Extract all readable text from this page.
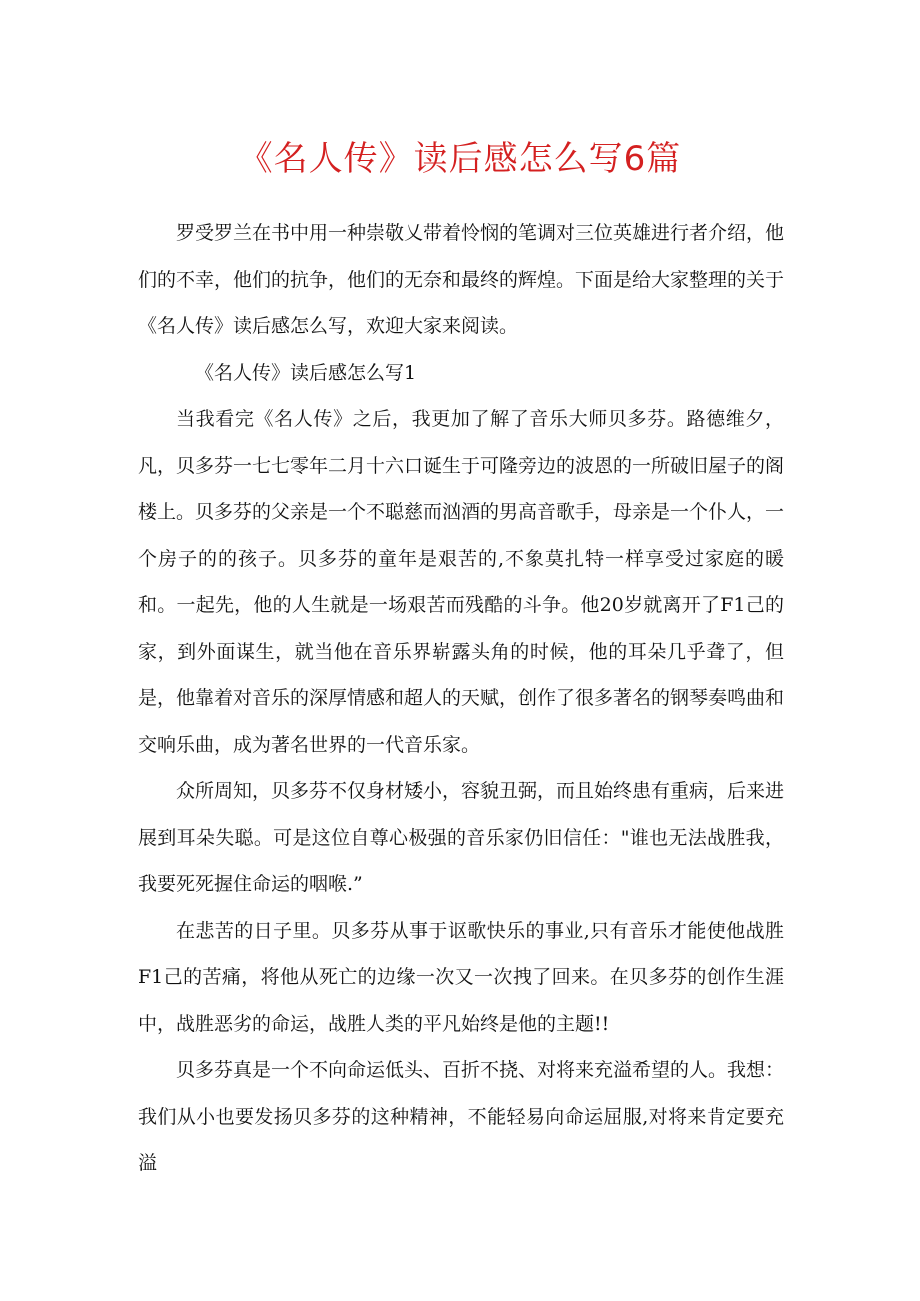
《名人传》读后感怎么写6篇

罗受罗兰在书中用一种崇敬乂带着怜悯的笔调对三位英雄进行者介绍，他们的不幸，他们的抗争，他们的无奈和最终的辉煌。下面是给大家整理的关于《名人传》读后感怎么写，欢迎大家来阅读。

《名人传》读后感怎么写1

当我看完《名人传》之后，我更加了解了音乐大师贝多芬。路德维夕，凡，贝多芬一七七零年二月十六口诞生于可隆旁边的波恩的一所破旧屋子的阁楼上。贝多芬的父亲是一个不聪慈而汹酒的男高音歌手，母亲是一个仆人，一个房子的的孩子。贝多芬的童年是艰苦的,不象莫扎特一样享受过家庭的暖和。一起先，他的人生就是一场艰苦而残酷的斗争。他20岁就离开了F1己的家，到外面谋生，就当他在音乐界崭露头角的时候，他的耳朵几乎聋了，但是，他靠着对音乐的深厚情感和超人的天赋，创作了很多著名的钢琴奏鸣曲和交响乐曲，成为著名世界的一代音乐家。

众所周知，贝多芬不仅身材矮小，容貌丑弼，而且始终患有重病，后来进展到耳朵失聪。可是这位自尊心极强的音乐家仍旧信任："谁也无法战胜我，我要死死握住命运的咽喉.”

在悲苦的日子里。贝多芬从事于讴歌快乐的事业,只有音乐才能使他战胜F1己的苦痛，将他从死亡的边缘一次又一次拽了回来。在贝多芬的创作生涯中，战胜恶劣的命运，战胜人类的平凡始终是他的主题!!

贝多芬真是一个不向命运低头、百折不挠、对将来充溢希望的人。我想：我们从小也要发扬贝多芬的这种精神，不能轻易向命运屈服,对将来肯定要充溢
